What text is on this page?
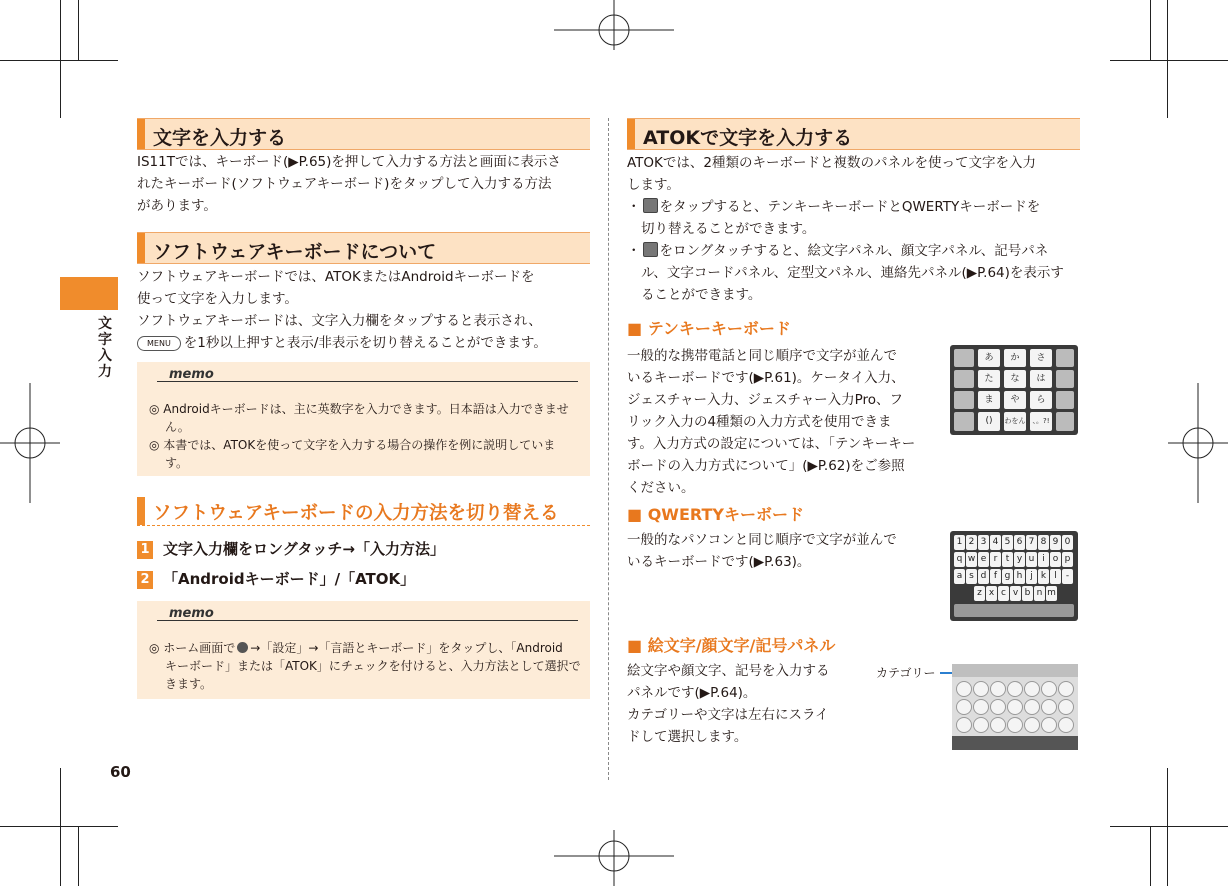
文字入力
60
文字を入力する
IS11Tでは、キーボード(▶P.65)を押して入力する方法と画面に表示さ
れたキーボード(ソフトウェアキーボード)をタップして入力する方法
があります。
ソフトウェアキーボードについて
ソフトウェアキーボードでは、ATOKまたはAndroidキーボードを
使って文字を入力します。
ソフトウェアキーボードは、文字入力欄をタップすると表示され、
MENU を1秒以上押すと表示/非表示を切り替えることができます。
memo
◎ Androidキーボードは、主に英数字を入力できます。日本語は入力できませ
ん。
◎ 本書では、ATOKを使って文字を入力する場合の操作を例に説明していま
す。
ソフトウェアキーボードの入力方法を切り替える
1 文字入力欄をロングタッチ→「入力方法」
2 「Androidキーボード」/「ATOK」
memo
◎ ホーム画面で →「設定」→「言語とキーボード」をタップし、「Android
キーボード」または「ATOK」にチェックを付けると、入力方法として選択で
きます。
ATOKで文字を入力する
ATOKでは、2種類のキーボードと複数のパネルを使って文字を入力
します。
・ をタップすると、テンキーキーボードとQWERTYキーボードを
切り替えることができます。
・ をロングタッチすると、絵文字パネル、顔文字パネル、記号パネ
ル、文字コードパネル、定型文パネル、連絡先パネル(▶P.64)を表示す
ることができます。
■ テンキーキーボード
一般的な携帯電話と同じ順序で文字が並んで
いるキーボードです(▶P.61)。ケータイ入力、
ジェスチャー入力、ジェスチャー入力Pro、フ
リック入力の4種類の入力方式を使用できま
す。入力方式の設定については、「テンキーキー
ボードの入力方式について」(▶P.62)をご参照
ください。
あ	か	さ
た	な	は
ま	や	ら
()	わをん 、。?!
■ QWERTYキーボード
一般的なパソコンと同じ順序で文字が並んで
いるキーボードです(▶P.63)。
1 2 3 4 5 6 7 8 9 0
q w e r t y u i o p
a s d f g h j k l	-
z x c v b n m
■ 絵文字/顔文字/記号パネル
絵文字や顔文字、記号を入力する
パネルです(▶P.64)。
カテゴリーや文字は左右にスライ
ドして選択します。
カテゴリー
